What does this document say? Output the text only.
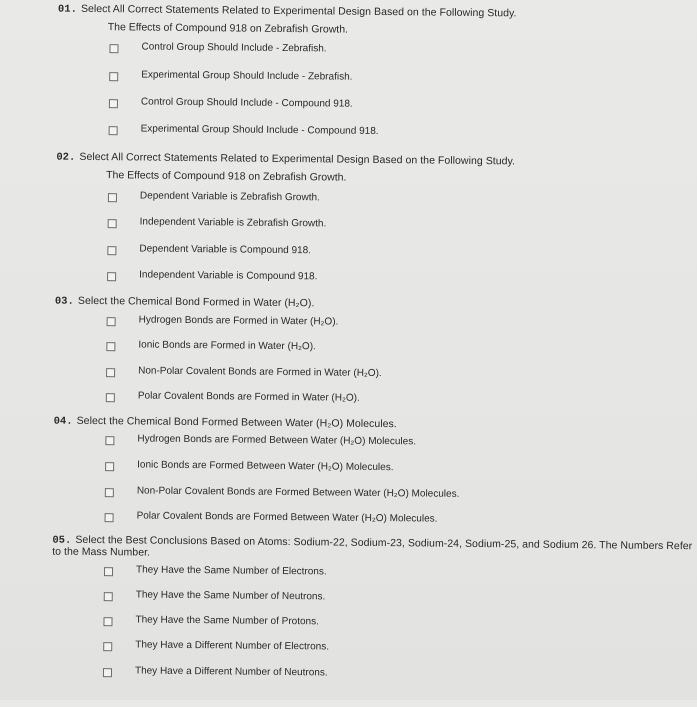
01. Select All Correct Statements Related to Experimental Design Based on the Following Study.
The Effects of Compound 918 on Zebrafish Growth.
Control Group Should Include - Zebrafish.
Experimental Group Should Include - Zebrafish.
Control Group Should Include - Compound 918.
Experimental Group Should Include - Compound 918.
02. Select All Correct Statements Related to Experimental Design Based on the Following Study.
The Effects of Compound 918 on Zebrafish Growth.
Dependent Variable is Zebrafish Growth.
Independent Variable is Zebrafish Growth.
Dependent Variable is Compound 918.
Independent Variable is Compound 918.
03. Select the Chemical Bond Formed in Water (H₂O).
Hydrogen Bonds are Formed in Water (H₂O).
Ionic Bonds are Formed in Water (H₂O).
Non-Polar Covalent Bonds are Formed in Water (H₂O).
Polar Covalent Bonds are Formed in Water (H₂O).
04. Select the Chemical Bond Formed Between Water (H₂O) Molecules.
Hydrogen Bonds are Formed Between Water (H₂O) Molecules.
Ionic Bonds are Formed Between Water (H₂O) Molecules.
Non-Polar Covalent Bonds are Formed Between Water (H₂O) Molecules.
Polar Covalent Bonds are Formed Between Water (H₂O) Molecules.
05. Select the Best Conclusions Based on Atoms: Sodium-22, Sodium-23, Sodium-24, Sodium-25, and Sodium 26. The Numbers Refer to the Mass Number.
They Have the Same Number of Electrons.
They Have the Same Number of Neutrons.
They Have the Same Number of Protons.
They Have a Different Number of Electrons.
They Have a Different Number of Neutrons.
